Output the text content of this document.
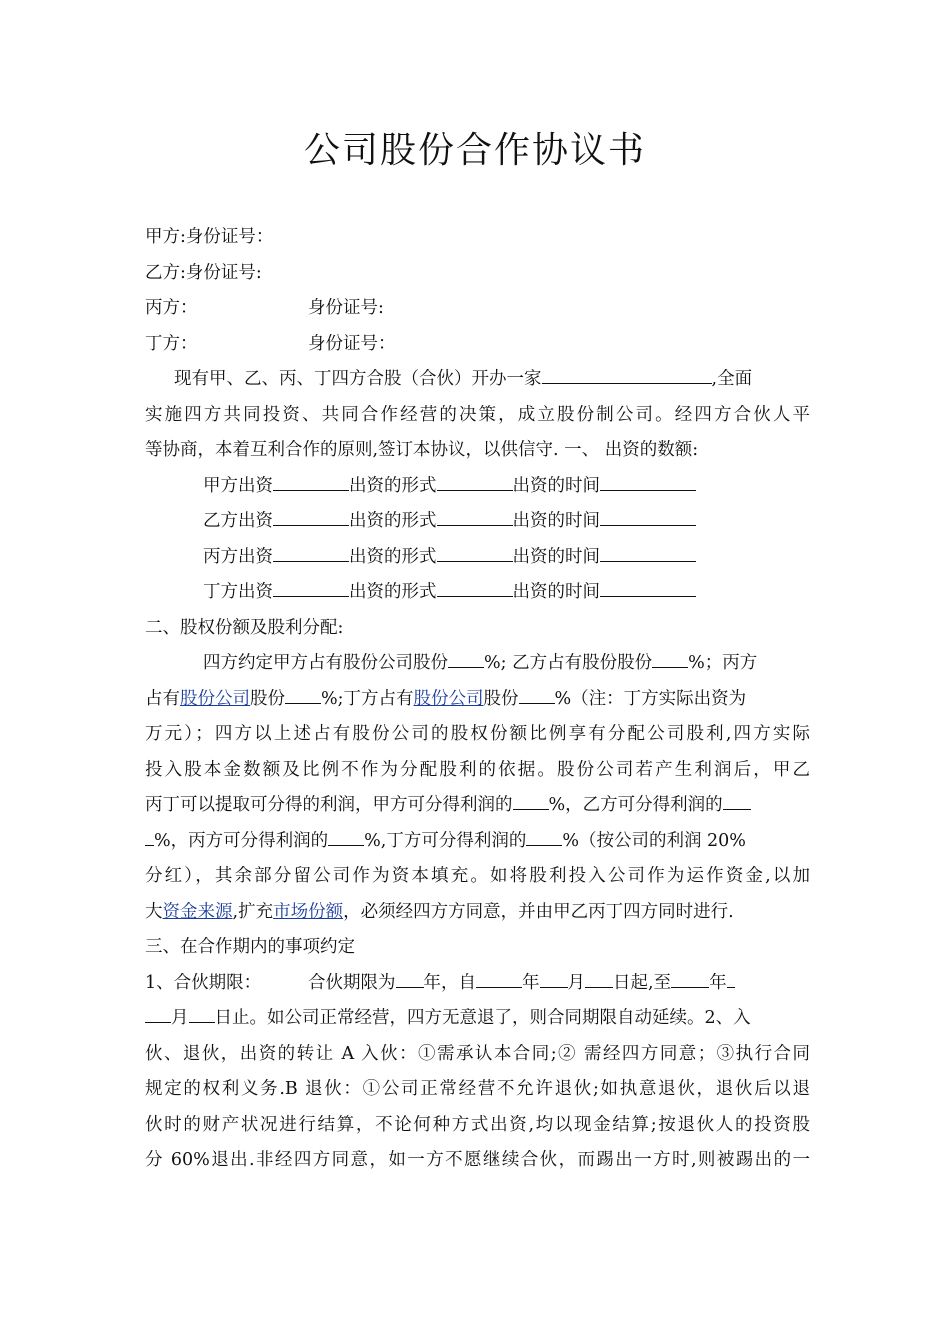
公司股份合作协议书
甲方:身份证号：
乙方:身份证号:
丙方：	身份证号:
丁方：	身份证号：
现有甲、乙、丙、丁四方合股（合伙）开办一家	,全面
实施四方共同投资、共同合作经营的决策，成立股份制公司。经四方合伙人平
等协商，本着互利合作的原则,签订本协议，以供信守. 一、 出资的数额:
甲方出资	出资的形式	出资的时间
乙方出资	出资的形式	出资的时间
丙方出资	出资的形式	出资的时间
丁方出资	出资的形式	出资的时间
二、股权份额及股利分配:
四方约定甲方占有股份公司股份 %; 乙方占有股份股份 %；丙方
占有股份公司股份 %;丁方占有股份公司股份 %（注：丁方实际出资为
万元）；四方以上述占有股份公司的股权份额比例享有分配公司股利,四方实际
投入股本金数额及比例不作为分配股利的依据。股份公司若产生利润后，甲乙
丙丁可以提取可分得的利润，甲方可分得利润的 %，乙方可分得利润的
%，丙方可分得利润的 %,丁方可分得利润的 %（按公司的利润 20%
分红），其余部分留公司作为资本填充。如将股利投入公司作为运作资金,以加
大资金来源,扩充市场份额，必须经四方方同意，并由甲乙丙丁四方同时进行.
三、在合作期内的事项约定
1、合伙期限：	合伙期限为 年，自	年 月 日起,至 年
月 日止。如公司正常经营，四方无意退了，则合同期限自动延续。2、入
伙、退伙，出资的转让 A 入伙：①需承认本合同;② 需经四方同意；③执行合同
规定的权利义务.B 退伙：①公司正常经营不允许退伙;如执意退伙，退伙后以退
伙时的财产状况进行结算，不论何种方式出资,均以现金结算;按退伙人的投资股
分 60%退出.非经四方同意，如一方不愿继续合伙，而踢出一方时,则被踢出的一
